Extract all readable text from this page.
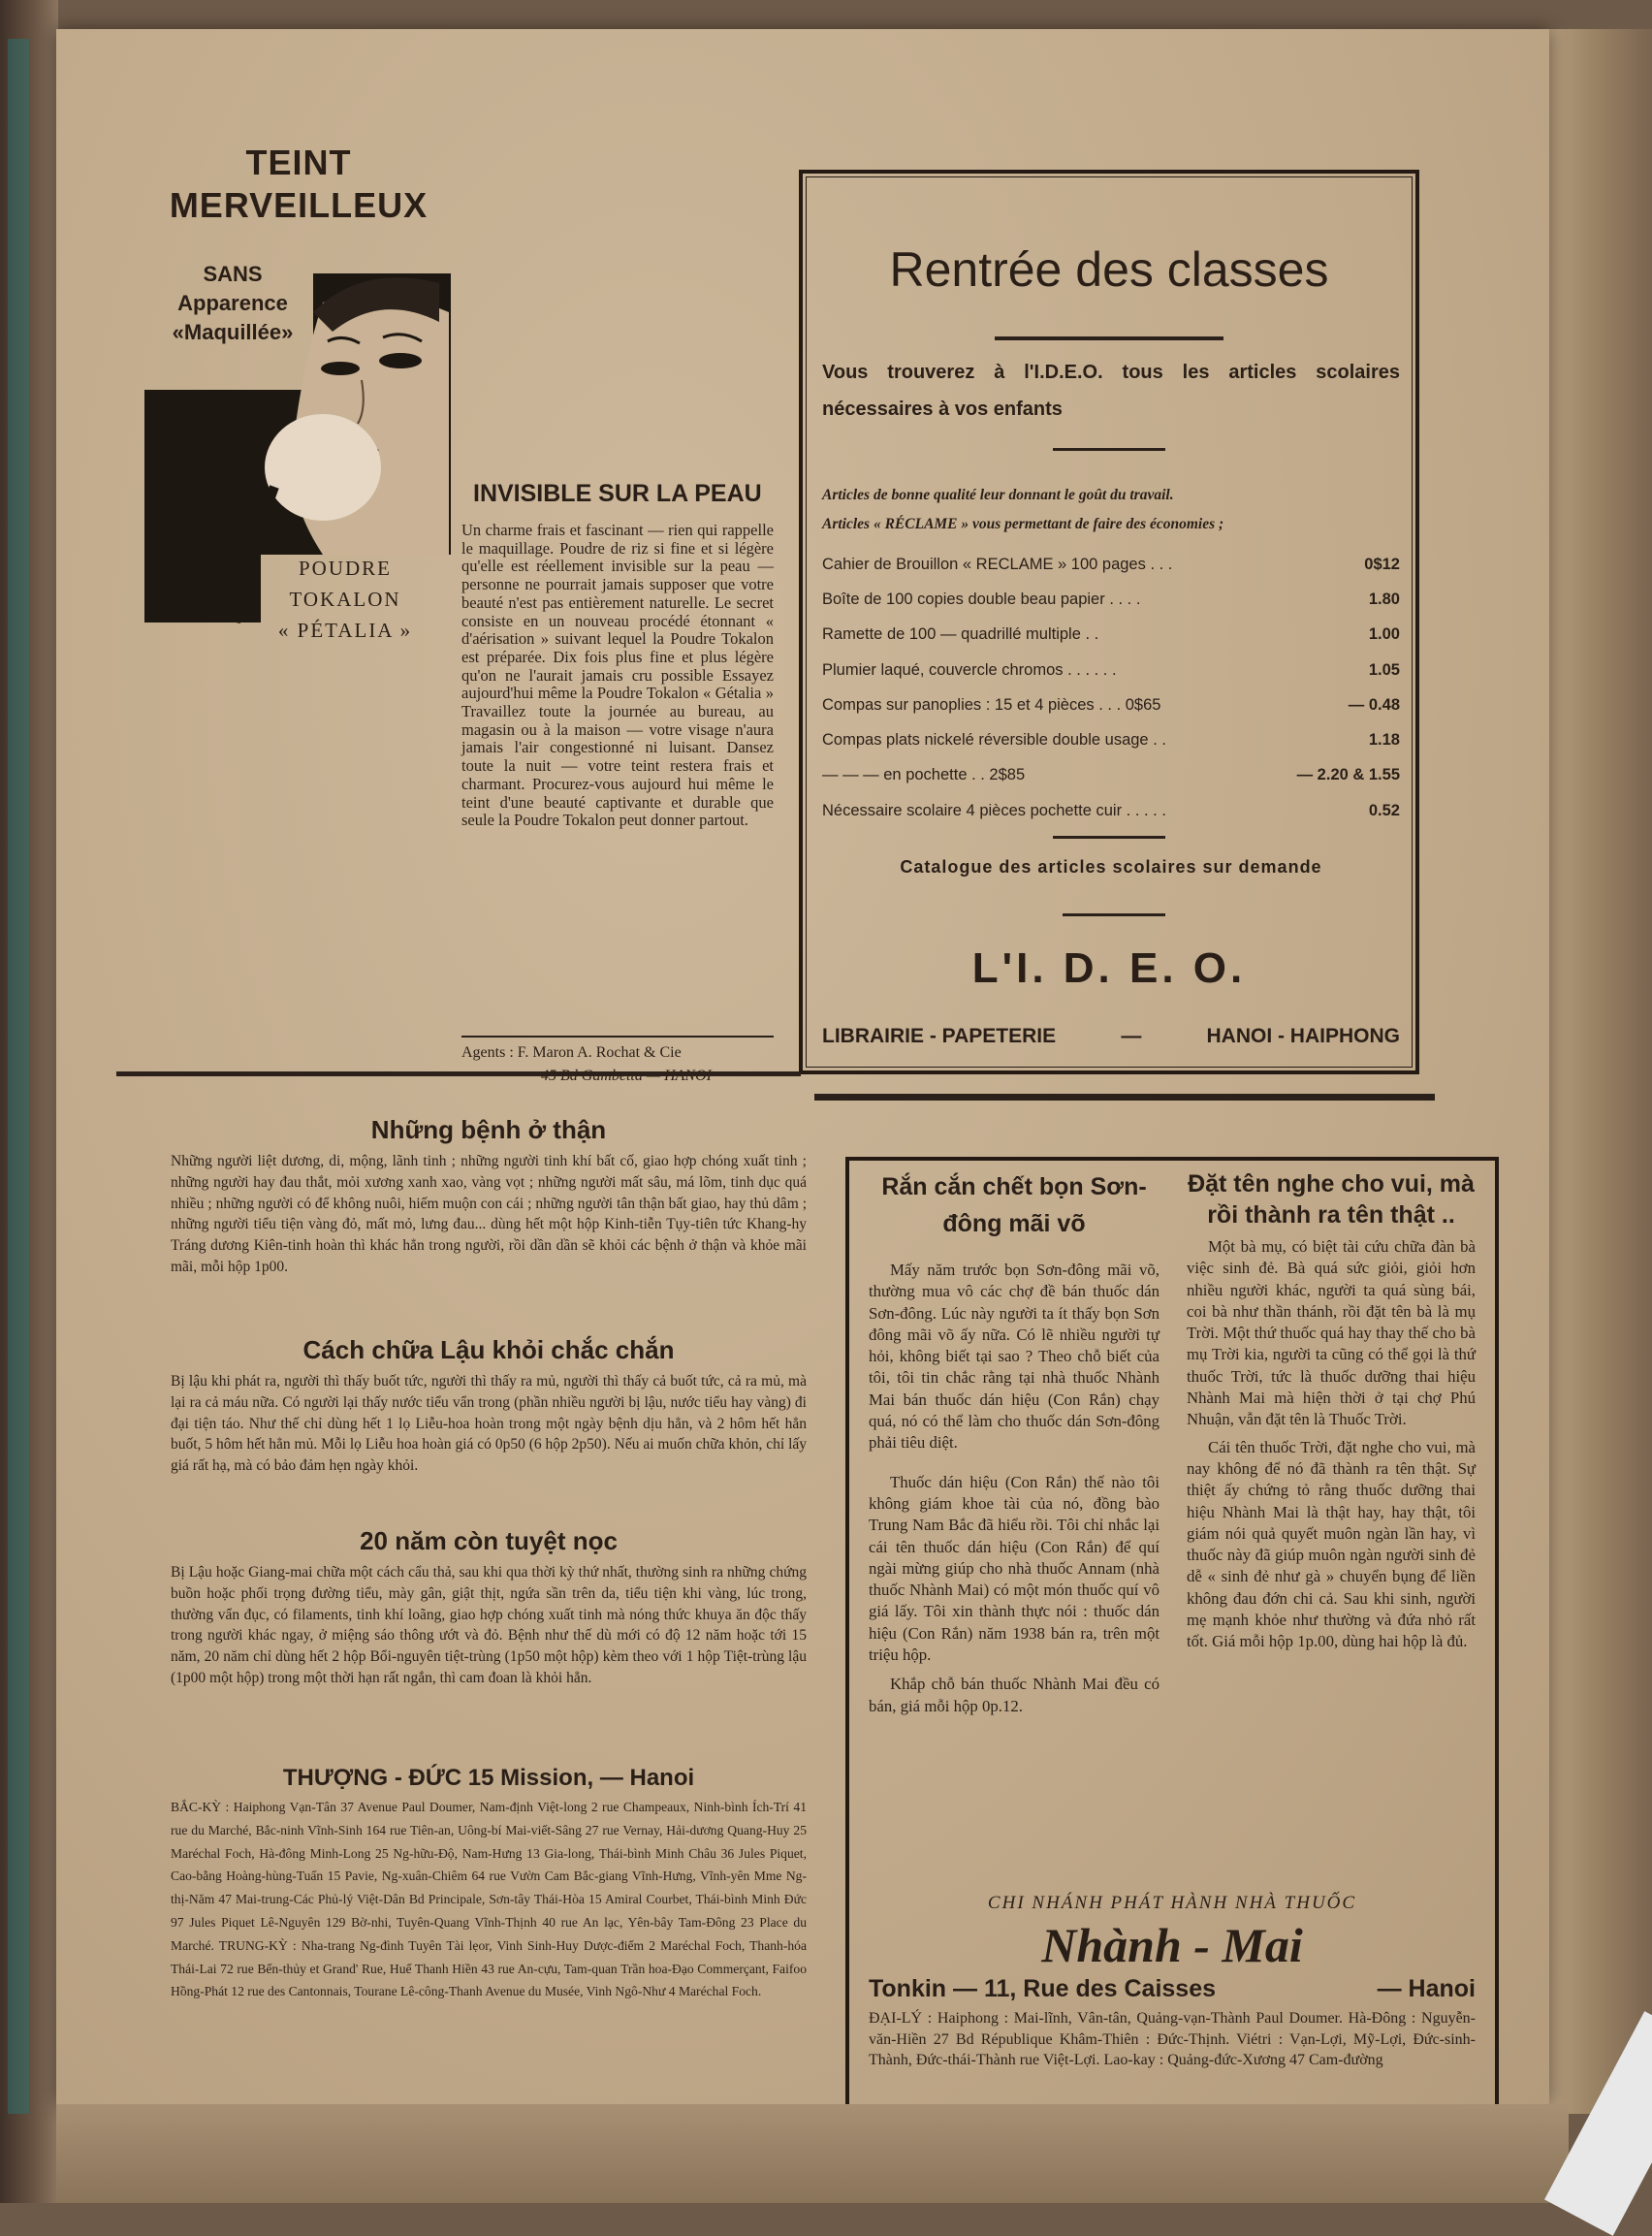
TEINT
MERVEILLEUX
SANS
Apparence
«Maquillée»
POUDRE
TOKALON
« PÉTALIA »
INVISIBLE SUR LA PEAU
Un charme frais et fascinant — rien qui rappelle le maquillage. Poudre de riz si fine et si légère qu'elle est réellement invisible sur la peau — personne ne pourrait jamais supposer que votre beauté n'est pas entièrement naturelle. Le secret consiste en un nouveau procédé étonnant « d'aérisation » suivant lequel la Poudre Tokalon est préparée. Dix fois plus fine et plus légère qu'on ne l'aurait jamais cru possible Essayez aujourd'hui même la Poudre Tokalon « Gétalia » Travaillez toute la journée au bureau, au magasin ou à la maison — votre visage n'aura jamais l'air congestionné ni luisant. Dansez toute la nuit — votre teint restera frais et charmant. Procurez-vous aujourd hui même le teint d'une beauté captivante et durable que seule la Poudre Tokalon peut donner partout.
Agents : F. Maron A. Rochat & Cie
Rentrée des classes
Vous trouverez à l'I.D.E.O. tous les articles scolaires nécessaires à vos enfants
Articles de bonne qualité leur donnant le goût du travail.
Articles « RÉCLAME » vous permettant de faire des économies ;
Cahier de Brouillon « RECLAME » 100 pages . . .	0$12
Boîte de 100 copies double beau papier . . . .	1.80
Ramette de 100 — quadrillé multiple . .	1.00
Plumier laqué, couvercle chromos . . . . . .	1.05
Compas sur panoplies : 15 et 4 pièces . . . 0$65	— 0.48
Compas plats nickelé réversible double usage . .	1.18
— — — en pochette . . 2$85	— 2.20 & 1.55
Nécessaire scolaire 4 pièces pochette cuir . . . . .	0.52
Catalogue des articles scolaires sur demande
L'I. D. E. O.
LIBRAIRIE - PAPETERIE	—	HANOI - HAIPHONG
Những bệnh ở thận
Những người liệt dương, di, mộng, lãnh tinh ; những người tinh khí bất cố, giao hợp chóng xuất tinh ; những người hay đau thắt, mỏi xương xanh xao, vàng vọt ; những người mất sâu, má lõm, tinh dục quá nhiều ; những người có để không nuôi, hiếm muộn con cái ; những người tân thận bất giao, hay thủ dâm ; những người tiểu tiện vàng đỏ, mất mỏ, lưng đau... dùng hết một hộp Kinh-tiễn Tụy-tiên tức Khang-hy Tráng dương Kiên-tinh hoàn thì khác hẳn trong người, rồi dần dần sẽ khỏi các bệnh ở thận và khỏe mãi mãi, mỗi hộp 1p00.
Cách chữa Lậu khỏi chắc chắn
Bị lậu khi phát ra, người thì thấy buốt tức, người thì thấy ra mủ, người thì thấy cả buốt tức, cả ra mủ, mà lại ra cả máu nữa. Có người lại thấy nước tiểu vẩn trong (phần nhiều người bị lậu, nước tiểu hay vàng) đi đại tiện táo. Như thế chỉ dùng hết 1 lọ Liễu-hoa hoàn trong một ngày bệnh dịu hẳn, và 2 hôm hết hẳn buốt, 5 hôm hết hẳn mủ. Mỗi lọ Liễu hoa hoàn giá có 0p50 (6 hộp 2p50). Nếu ai muốn chữa khỏn, chỉ lấy giá rất hạ, mà có bảo đảm hẹn ngày khỏi.
20 năm còn tuyệt nọc
Bị Lậu hoặc Giang-mai chữa một cách cẩu thả, sau khi qua thời kỳ thứ nhất, thường sinh ra những chứng buồn hoặc phối trọng đường tiểu, mày gân, giật thịt, ngứa sần trên da, tiểu tiện khi vàng, lúc trong, thường vẩn đục, có filaments, tinh khí loãng, giao hợp chóng xuất tinh mà nóng thức khuya ăn độc thấy trong người khác ngay, ở miệng sáo thông ướt và đỏ. Bệnh như thế dù mới có độ 12 năm hoặc tới 15 năm, 20 năm chỉ dùng hết 2 hộp Bổi-nguyên tiệt-trùng (1p50 một hộp) kèm theo với 1 hộp Tiệt-trùng lậu (1p00 một hộp) trong một thời hạn rất ngắn, thì cam đoan là khỏi hẳn.
THƯỢNG - ĐỨC 15 Mission, — Hanoi
BẮC-KỲ : Haiphong Vạn-Tân 37 Avenue Paul Doumer, Nam-định Việt-long 2 rue Champeaux, Ninh-bình Ích-Trí 41 rue du Marché, Bắc-ninh Vĩnh-Sinh 164 rue Tiên-an, Uông-bí Mai-viết-Sâng 27 rue Vernay, Hải-dương Quang-Huy 25 Maréchal Foch, Hà-đông Minh-Long 25 Ng-hữu-Độ, Nam-Hưng 13 Gia-long, Thái-bình Minh Châu 36 Jules Piquet, Cao-bằng Hoàng-hùng-Tuấn 15 Pavie, Ng-xuân-Chiêm 64 rue Vườn Cam Bắc-giang Vĩnh-Hưng, Vĩnh-yên Mme Ng-thị-Năm 47 Mai-trung-Các Phủ-lý Việt-Dân Bd Principale, Sơn-tây Thái-Hòa 15 Amiral Courbet, Thái-bình Minh Đức 97 Jules Piquet Lê-Nguyên 129 Bờ-nhi, Tuyên-Quang Vĩnh-Thịnh 40 rue An lạc, Yên-bây Tam-Đông 23 Place du Marché. TRUNG-KỲ : Nha-trang Ng-đình Tuyên Tài lẹor, Vinh Sinh-Huy Dược-điếm 2 Maréchal Foch, Thanh-hóa Thái-Lai 72 rue Bến-thủy et Grand' Rue, Huế Thanh Hiền 43 rue An-cựu, Tam-quan Trần hoa-Đạo Commerçant, Faifoo Hồng-Phát 12 rue des Cantonnais, Tourane Lê-công-Thanh Avenue du Musée, Vinh Ngô-Như 4 Maréchal Foch.
Rắn cắn chết bọn Sơn-đông mãi võ

Mấy năm trước bọn Sơn-đông mãi võ, thường mua vô các chợ đề bán thuốc dán Sơn-đông. Lúc này người ta ít thấy bọn Sơn đông mãi võ ấy nữa. Có lẽ nhiều người tự hỏi, không biết tại sao ? Theo chỗ biết của tôi, tôi tin chắc rằng tại nhà thuốc Nhành Mai bán thuốc dán hiệu (Con Rắn) chạy quá, nó có thể làm cho thuốc dán Sơn-đông phải tiêu diệt.

Thuốc dán hiệu (Con Rắn) thế nào tôi không giám khoe tài của nó, đồng bào Trung Nam Bắc đã hiểu rồi. Tôi chỉ nhắc lại cái tên thuốc dán hiệu (Con Rắn) để quí ngài mừng giúp cho nhà thuốc Annam (nhà thuốc Nhành Mai) có một món thuốc quí vô giá lấy. Tôi xin thành thực nói : thuốc dán hiệu (Con Rắn) năm 1938 bán ra, trên một triệu hộp.

Khắp chỗ bán thuốc Nhành Mai đều có bán, giá mỗi hộp 0p.12.

Đặt tên nghe cho vui, mà rồi thành ra tên thật ..

Một bà mụ, có biệt tài cứu chữa đàn bà việc sinh đẻ. Bà quá sức giỏi, giỏi hơn nhiều người khác, người ta quá sùng bái, coi bà như thần thánh, rồi đặt tên bà là mụ Trời. Một thứ thuốc quá hay thay thế cho bà mụ Trời kia, người ta cũng có thể gọi là thứ thuốc Trời, tức là thuốc dưỡng thai hiệu Nhành Mai mà hiện thời ở tại chợ Phú Nhuận, vẫn đặt tên là Thuốc Trời.

Cái tên thuốc Trời, đặt nghe cho vui, mà nay không để nó đã thành ra tên thật. Sự thiệt ấy chứng tỏ rằng thuốc dưỡng thai hiệu Nhành Mai là thật hay, hay thật, tôi giám nói quả quyết muôn ngàn lần hay, vì thuốc này đã giúp muôn ngàn người sinh đẻ dễ « sinh đẻ như gà » chuyển bụng để liền không đau đớn chi cả. Sau khi sinh, người mẹ mạnh khỏe như thường và đứa nhỏ rất tốt. Giá mỗi hộp 1p.00, dùng hai hộp là đủ.

CHI NHÁNH PHÁT HÀNH NHÀ THUỐC
Nhành - Mai
Tonkin — 11, Rue des Caisses	— Hanoi
ĐẠI-LÝ : Haiphong : Mai-lĩnh, Vân-tân, Quảng-vạn-Thành Paul Doumer. Hà-Đông : Nguyễn-văn-Hiền 27 Bd République Khâm-Thiên : Đức-Thịnh. Viétri : Vạn-Lợi, Mỹ-Lợi, Đức-sinh-Thành, Đức-thái-Thành rue Việt-Lợi. Lao-kay : Quảng-đức-Xương 47 Cam-đường
